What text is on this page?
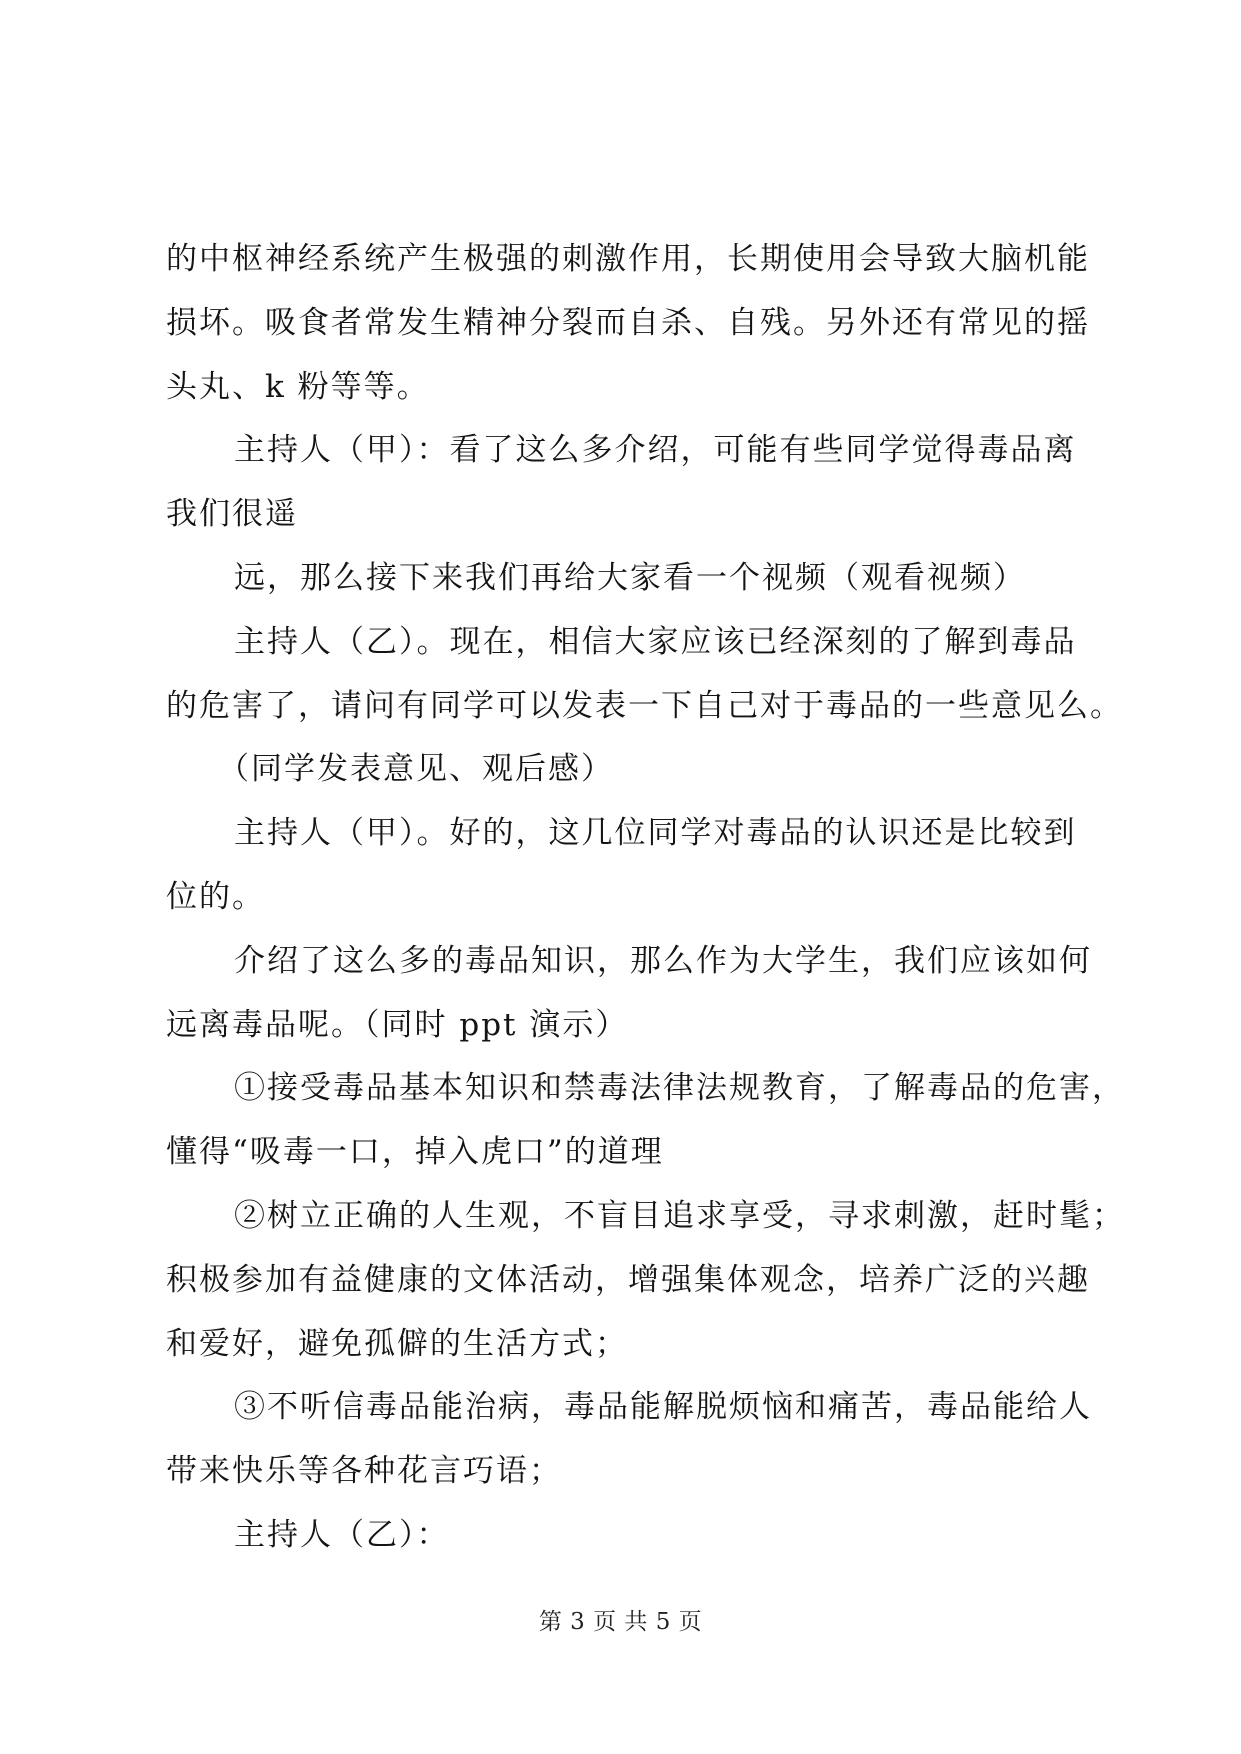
的中枢神经系统产生极强的刺激作用，长期使用会导致大脑机能

损坏。吸食者常发生精神分裂而自杀、自残。另外还有常见的摇

头丸、k 粉等等。

主持人（甲）：看了这么多介绍，可能有些同学觉得毒品离

我们很遥

远，那么接下来我们再给大家看一个视频（观看视频）

主持人（乙）。现在，相信大家应该已经深刻的了解到毒品

的危害了，请问有同学可以发表一下自己对于毒品的一些意见么。

（同学发表意见、观后感）

主持人（甲）。好的，这几位同学对毒品的认识还是比较到

位的。

介绍了这么多的毒品知识，那么作为大学生，我们应该如何

远离毒品呢。（同时 ppt 演示）

①接受毒品基本知识和禁毒法律法规教育，了解毒品的危害，

懂得“吸毒一口，掉入虎口”的道理

②树立正确的人生观，不盲目追求享受，寻求刺激，赶时髦；

积极参加有益健康的文体活动，增强集体观念，培养广泛的兴趣

和爱好，避免孤僻的生活方式；

③不听信毒品能治病，毒品能解脱烦恼和痛苦，毒品能给人

带来快乐等各种花言巧语；

主持人（乙）：

第 3 页 共 5 页
